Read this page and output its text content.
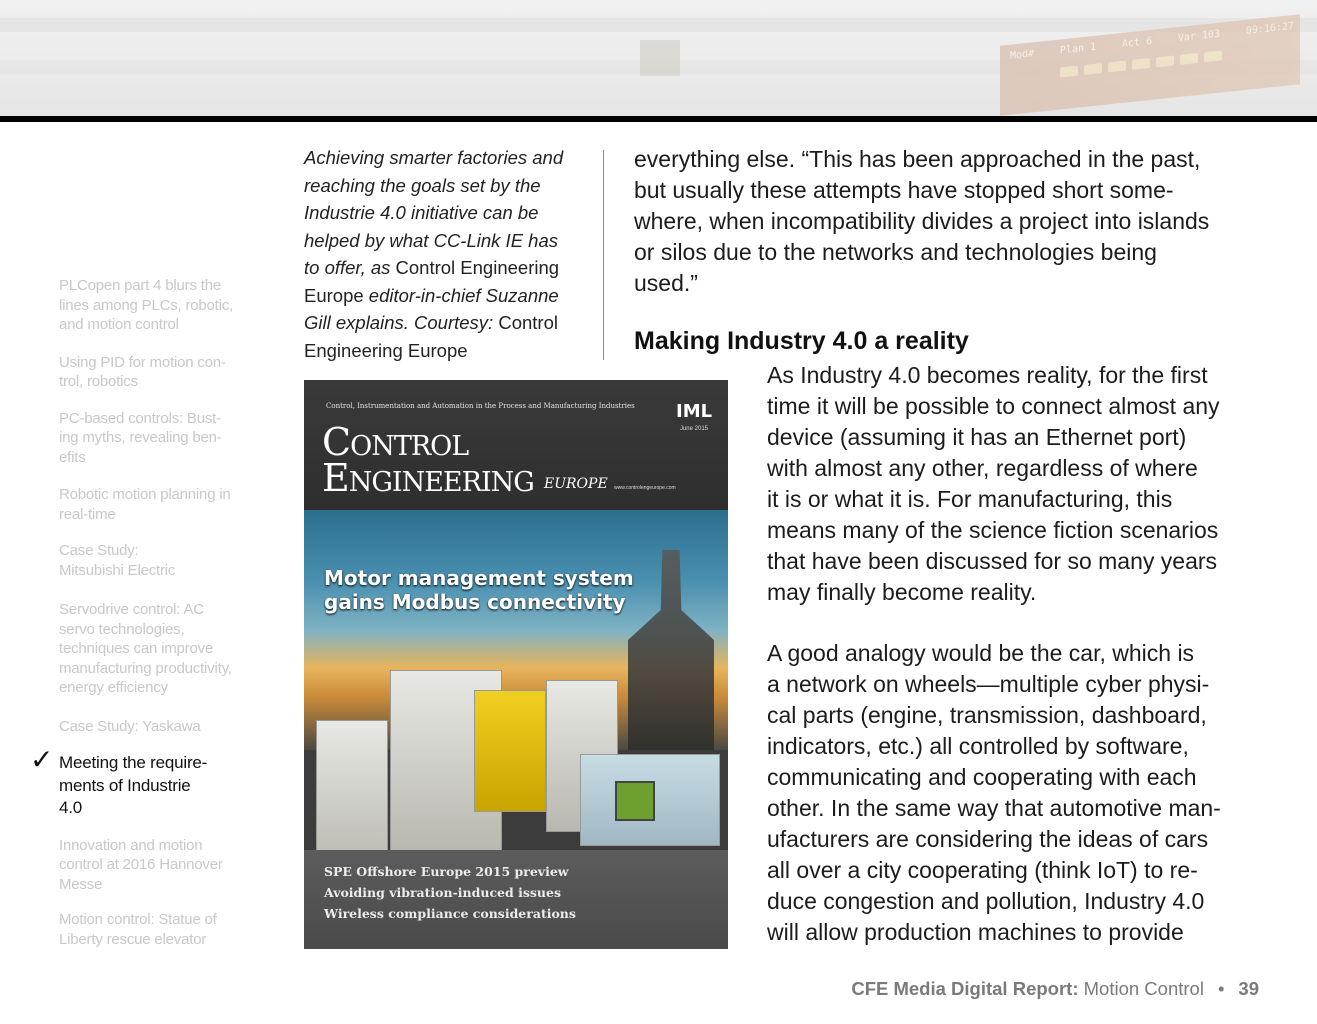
Mod#	Plan 1	Act 6	Var 103	09:16:27
PLCopen part 4 blurs the
lines among PLCs, robotic,
and motion control
Using PID for motion con-
trol, robotics
PC-based controls: Bust-
ing myths, revealing ben-
efits
Robotic motion planning in
real-time
Case Study:
Mitsubishi Electric
Servodrive control: AC
servo technologies,
techniques can improve
manufacturing productivity,
energy efficiency
Case Study: Yaskawa
✓ Meeting the require-
ments of Industrie
4.0
Innovation and motion
control at 2016 Hannover
Messe
Motion control: Statue of
Liberty rescue elevator
Achieving smarter factories and
reaching the goals set by the
Industrie 4.0 initiative can be
helped by what CC-Link IE has
to offer, as Control Engineering
Europe editor-in-chief Suzanne
Gill explains. Courtesy: Control
Engineering Europe
Control, Instrumentation and Automation in the Process and Manufacturing Industries IML
June 2015
Control
Engineering EUROPE www.controlengeurope.com
Motor management system
gains Modbus connectivity
SPE Offshore Europe 2015 preview
Avoiding vibration-induced issues
Wireless compliance considerations
everything else. “This has been approached in the past,
but usually these attempts have stopped short some-
where, when incompatibility divides a project into islands
or silos due to the networks and technologies being
used.”
Making Industry 4.0 a reality
As Industry 4.0 becomes reality, for the first
time it will be possible to connect almost any
device (assuming it has an Ethernet port)
with almost any other, regardless of where
it is or what it is. For manufacturing, this
means many of the science fiction scenarios
that have been discussed for so many years
may finally become reality.
A good analogy would be the car, which is
a network on wheels—multiple cyber physi-
cal parts (engine, transmission, dashboard,
indicators, etc.) all controlled by software,
communicating and cooperating with each
other. In the same way that automotive man-
ufacturers are considering the ideas of cars
all over a city cooperating (think IoT) to re-
duce congestion and pollution, Industry 4.0
will allow production machines to provide
CFE Media Digital Report: Motion Control • 39
